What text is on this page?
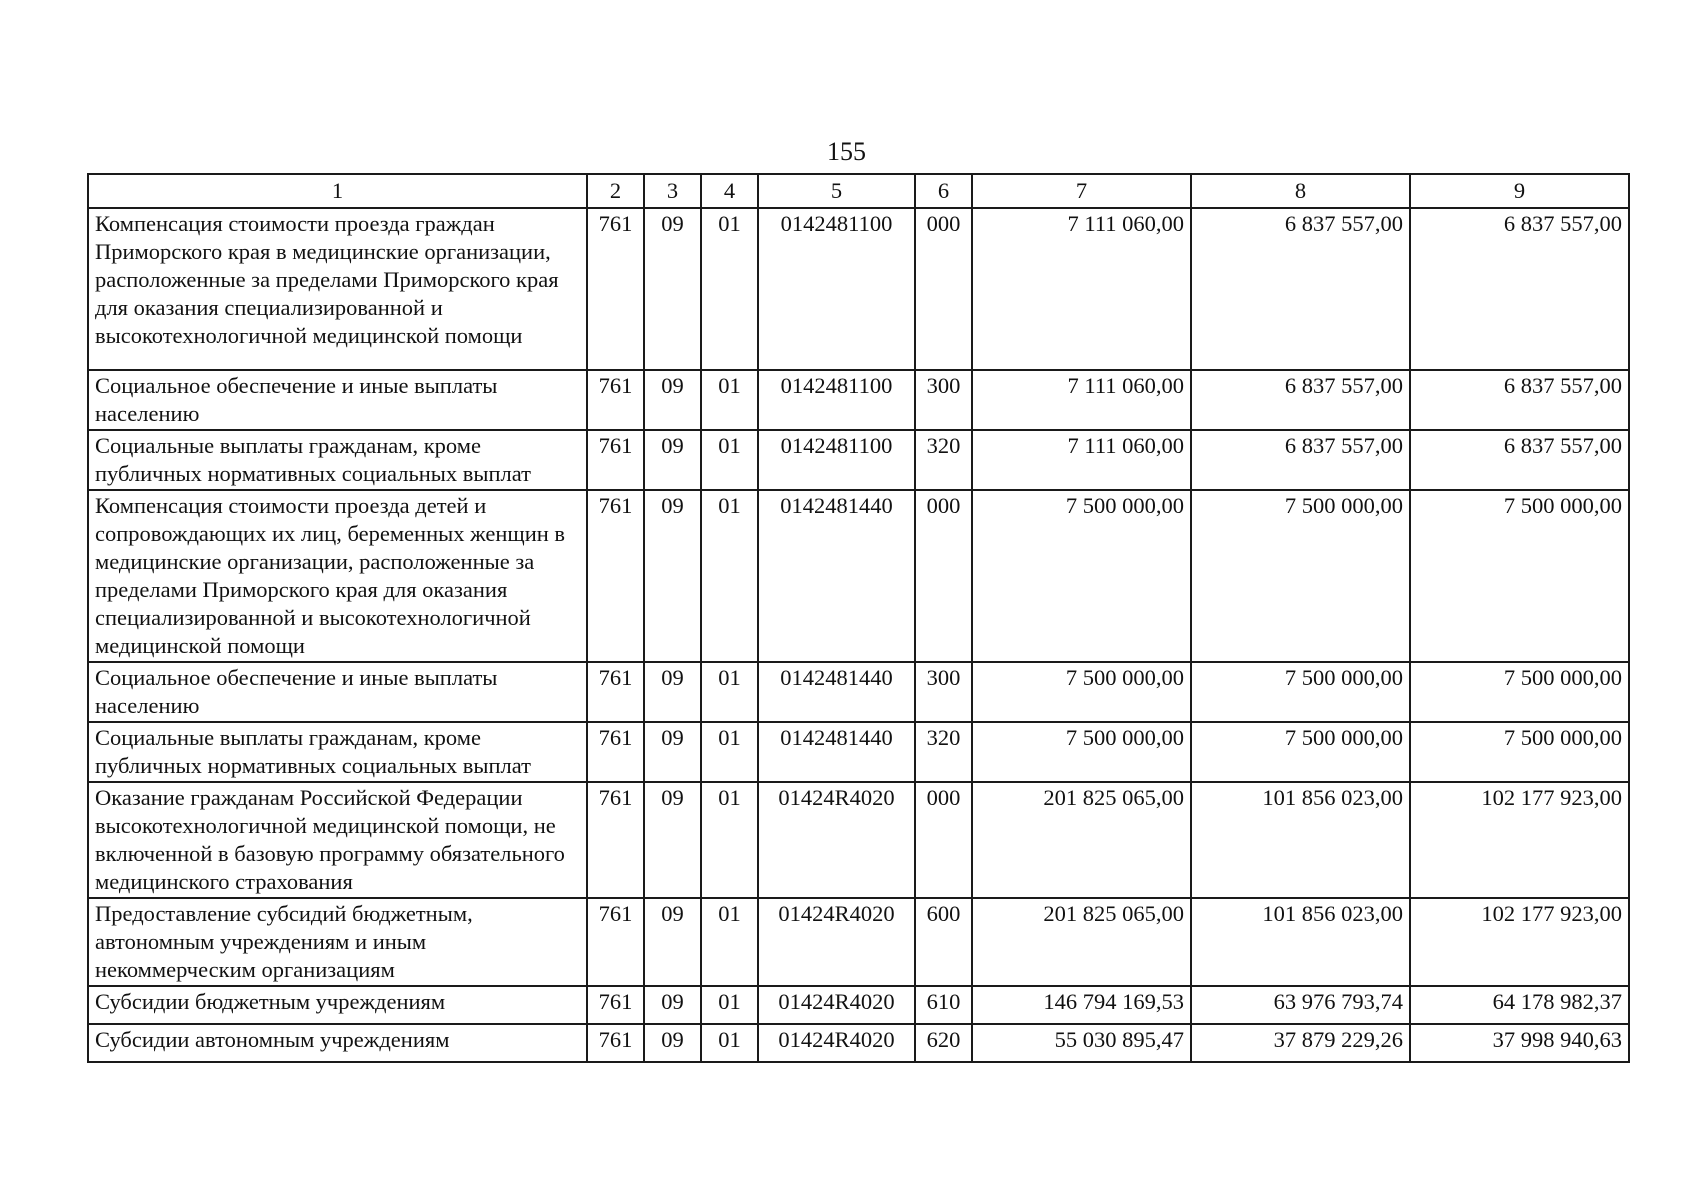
155
1	2	3	4	5	6	7	8	9
Компенсация стоимости проезда граждан Приморского края в медицинские организации, расположенные за пределами Приморского края для оказания специализированной и высокотехнологичной медицинской помощи	761	09	01	0142481100	000	7 111 060,00	6 837 557,00	6 837 557,00
Социальное обеспечение и иные выплаты населению	761	09	01	0142481100	300	7 111 060,00	6 837 557,00	6 837 557,00
Социальные выплаты гражданам, кроме публичных нормативных социальных выплат	761	09	01	0142481100	320	7 111 060,00	6 837 557,00	6 837 557,00
Компенсация стоимости проезда детей и сопровождающих их лиц, беременных женщин в медицинские организации, расположенные за пределами Приморского края для оказания специализированной и высокотехнологичной медицинской помощи	761	09	01	0142481440	000	7 500 000,00	7 500 000,00	7 500 000,00
Социальное обеспечение и иные выплаты населению	761	09	01	0142481440	300	7 500 000,00	7 500 000,00	7 500 000,00
Социальные выплаты гражданам, кроме публичных нормативных социальных выплат	761	09	01	0142481440	320	7 500 000,00	7 500 000,00	7 500 000,00
Оказание гражданам Российской Федерации высокотехнологичной медицинской помощи, не включенной в базовую программу обязательного медицинского страхования	761	09	01	01424R4020	000	201 825 065,00	101 856 023,00	102 177 923,00
Предоставление субсидий бюджетным, автономным учреждениям и иным некоммерческим организациям	761	09	01	01424R4020	600	201 825 065,00	101 856 023,00	102 177 923,00
Субсидии бюджетным учреждениям	761	09	01	01424R4020	610	146 794 169,53	63 976 793,74	64 178 982,37
Субсидии автономным учреждениям	761	09	01	01424R4020	620	55 030 895,47	37 879 229,26	37 998 940,63
